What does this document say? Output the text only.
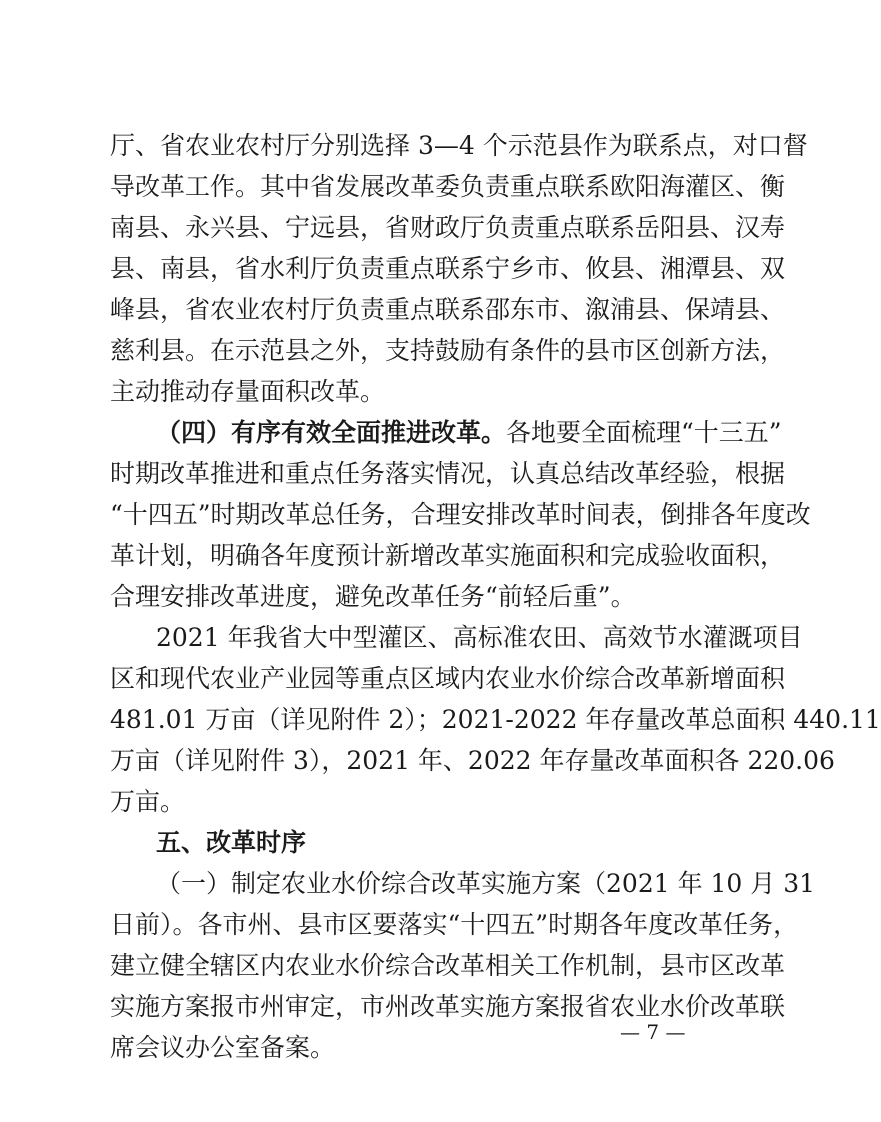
厅、省农业农村厅分别选择 3—4 个示范县作为联系点，对口督
导改革工作。其中省发展改革委负责重点联系欧阳海灌区、衡
南县、永兴县、宁远县，省财政厅负责重点联系岳阳县、汉寿
县、南县，省水利厅负责重点联系宁乡市、攸县、湘潭县、双
峰县，省农业农村厅负责重点联系邵东市、溆浦县、保靖县、
慈利县。在示范县之外，支持鼓励有条件的县市区创新方法，
主动推动存量面积改革。
（四）有序有效全面推进改革。各地要全面梳理“十三五”
时期改革推进和重点任务落实情况，认真总结改革经验，根据
“十四五”时期改革总任务，合理安排改革时间表，倒排各年度改
革计划，明确各年度预计新增改革实施面积和完成验收面积，
合理安排改革进度，避免改革任务“前轻后重”。
2021 年我省大中型灌区、高标准农田、高效节水灌溉项目
区和现代农业产业园等重点区域内农业水价综合改革新增面积
481.01 万亩（详见附件 2）；2021-2022 年存量改革总面积 440.11
万亩（详见附件 3），2021 年、2022 年存量改革面积各 220.06
万亩。
五、改革时序
（一）制定农业水价综合改革实施方案（2021 年 10 月 31
日前）。各市州、县市区要落实“十四五”时期各年度改革任务，
建立健全辖区内农业水价综合改革相关工作机制，县市区改革
实施方案报市州审定，市州改革实施方案报省农业水价改革联
席会议办公室备案。
— 7 —
